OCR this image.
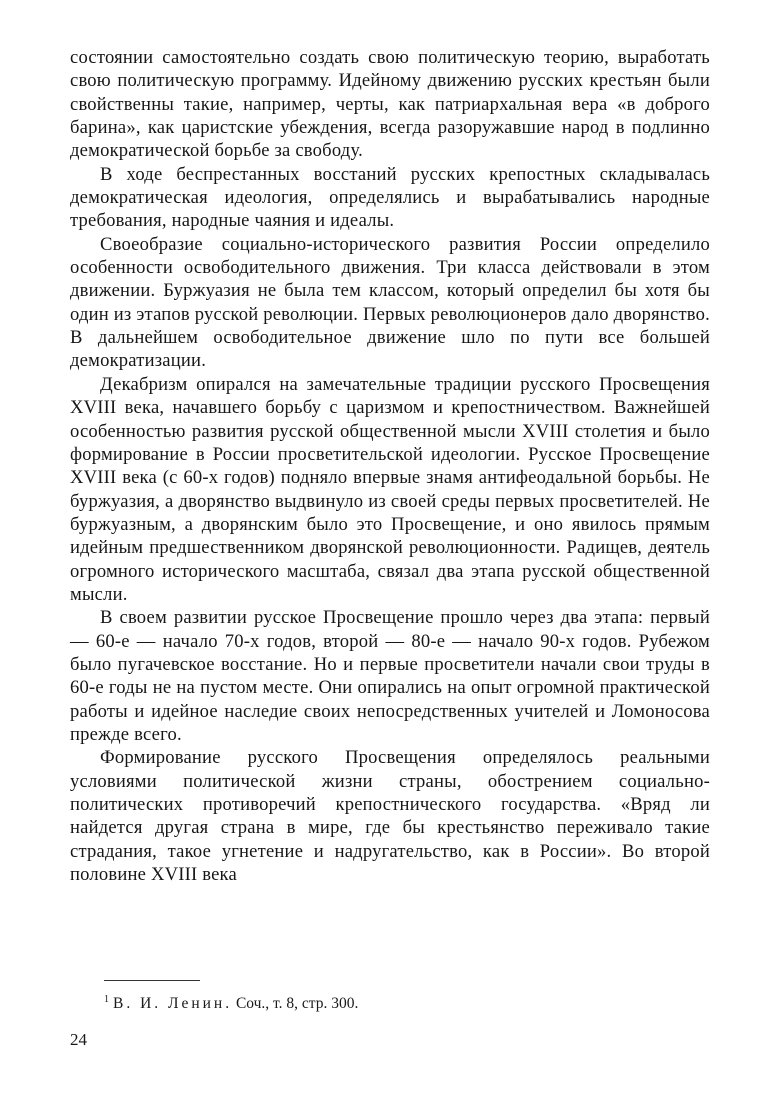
состоянии самостоятельно создать свою политическую теорию, выработать свою политическую программу. Идейному движению русских крестьян были свойственны такие, например, черты, как патриархальная вера «в доброго барина», как царистские убеждения, всегда разоружавшие народ в подлинно демократической борьбе за свободу.

В ходе беспрестанных восстаний русских крепостных складывалась демократическая идеология, определялись и вырабатывались народные требования, народные чаяния и идеалы.

Своеобразие социально-исторического развития России определило особенности освободительного движения. Три класса действовали в этом движении. Буржуазия не была тем классом, который определил бы хотя бы один из этапов русской революции. Первых революционеров дало дворянство. В дальнейшем освободительное движение шло по пути все большей демократизации.

Декабризм опирался на замечательные традиции русского Просвещения XVIII века, начавшего борьбу с царизмом и крепостничеством. Важнейшей особенностью развития русской общественной мысли XVIII столетия и было формирование в России просветительской идеологии. Русское Просвещение XVIII века (с 60-х годов) подняло впервые знамя антифеодальной борьбы. Не буржуазия, а дворянство выдвинуло из своей среды первых просветителей. Не буржуазным, а дворянским было это Просвещение, и оно явилось прямым идейным предшественником дворянской революционности. Радищев, деятель огромного исторического масштаба, связал два этапа русской общественной мысли.

В своем развитии русское Просвещение прошло через два этапа: первый — 60-е — начало 70-х годов, второй — 80-е — начало 90-х годов. Рубежом было пугачевское восстание. Но и первые просветители начали свои труды в 60-е годы не на пустом месте. Они опирались на опыт огромной практической работы и идейное наследие своих непосредственных учителей и Ломоносова прежде всего.

Формирование русского Просвещения определялось реальными условиями политической жизни страны, обострением социально-политических противоречий крепостнического государства. «Вряд ли найдется другая страна в мире, где бы крестьянство переживало такие страдания, такое угнетение и надругательство, как в России». Во второй половине XVIII века

$^1$ В. И. Ленин. Соч., т. 8, стр. 300.
24
